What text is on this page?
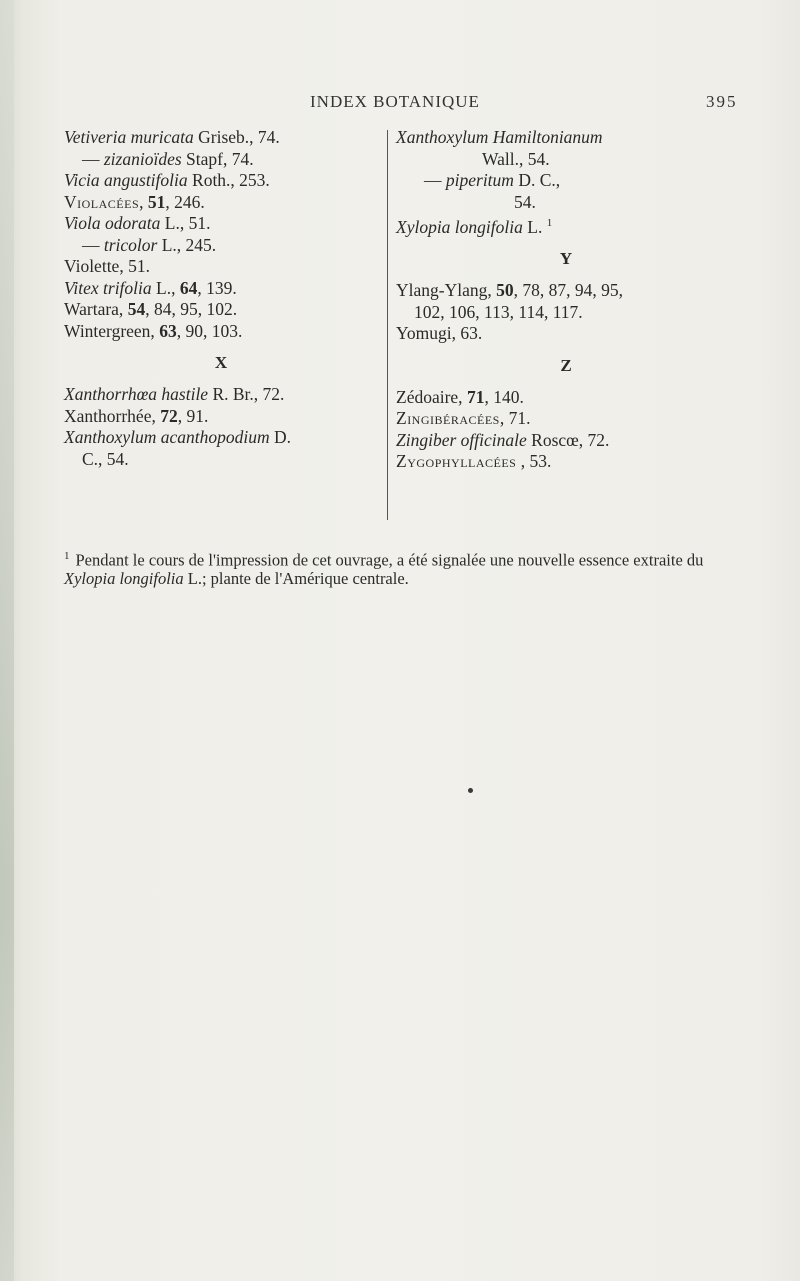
INDEX BOTANIQUE	395
Vetiveria muricata Griseb., 74.
— zizanioïdes Stapf, 74.
Vicia angustifolia Roth., 253.
Violacées, 51, 246.
Viola odorata L., 51.
— tricolor L., 245.
Violette, 51.
Vitex trifolia L., 64, 139.
Wartara, 54, 84, 95, 102.
Wintergreen, 63, 90, 103.
X
Xanthorrhœa hastile R. Br., 72.
Xanthorrhée, 72, 91.
Xanthoxylum acanthopodium D.
C., 54.
Xanthoxylum Hamiltonianum
Wall., 54.
— piperitum D. C.,
54.
Xylopia longifolia L. $^1$
Y
Ylang-Ylang, 50, 78, 87, 94, 95,
102, 106, 113, 114, 117.
Yomugi, 63.
Z
Zédoaire, 71, 140.
Zingibéracées, 71.
Zingiber officinale Roscœ, 72.
Zygophyllacées , 53.
$^1$ Pendant le cours de l'impression de cet ouvrage, a été signalée une nouvelle essence extraite du Xylopia longifolia L.; plante de l'Amérique centrale.
